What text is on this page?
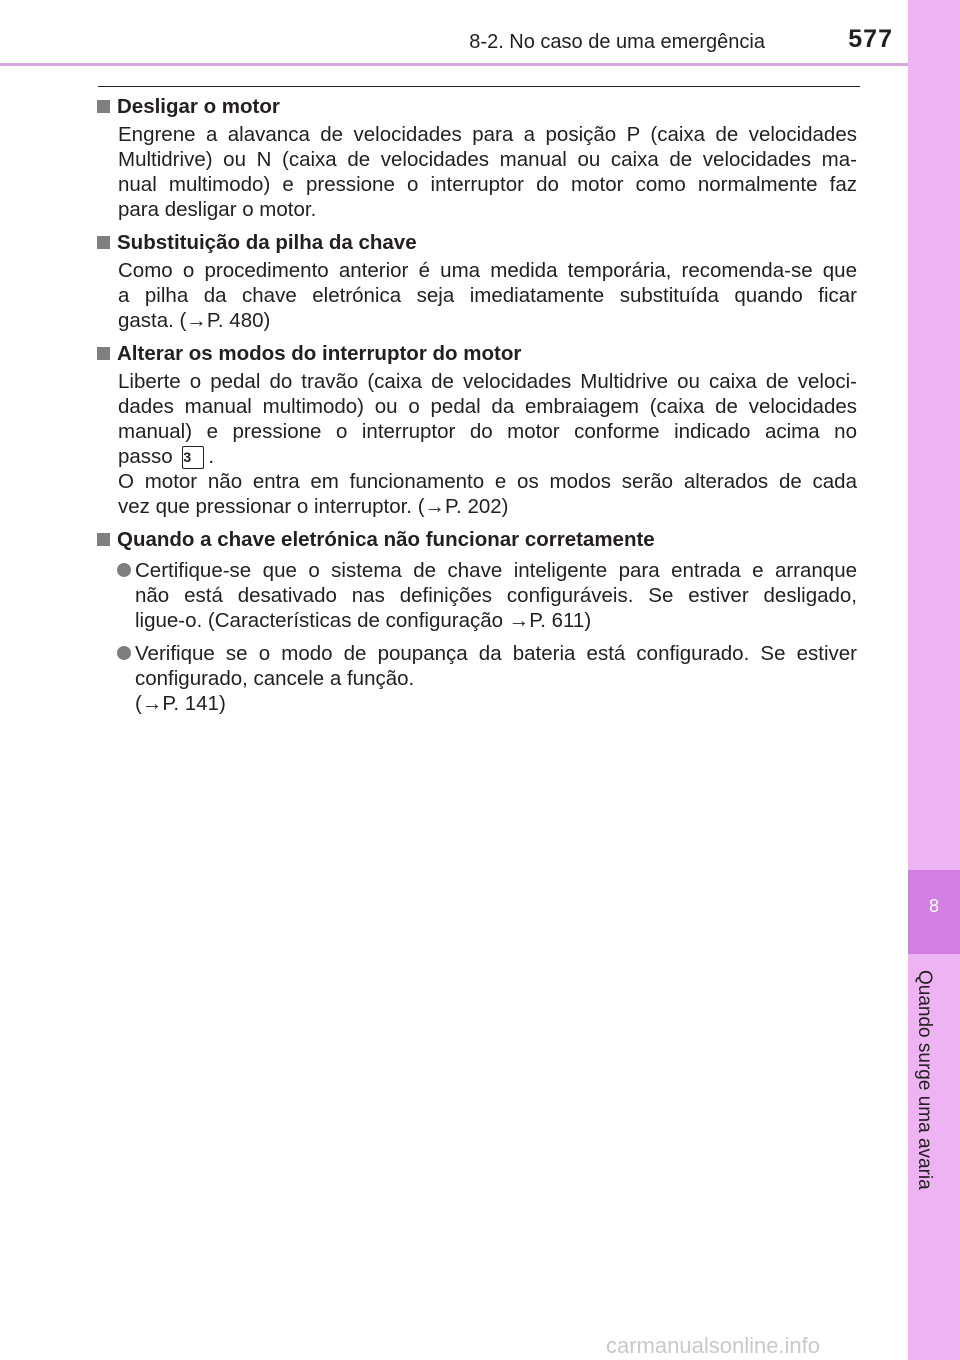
8-2. No caso de uma emergência	577
8
Quando surge uma avaria
Desligar o motor
Engrene a alavanca de velocidades para a posição P (caixa de velocidades
Multidrive) ou N (caixa de velocidades manual ou caixa de velocidades ma-
nual multimodo) e pressione o interruptor do motor como normalmente faz
para desligar o motor.
Substituição da pilha da chave
Como o procedimento anterior é uma medida temporária, recomenda-se que
a pilha da chave eletrónica seja imediatamente substituída quando ficar
gasta. (→P. 480)
Alterar os modos do interruptor do motor
Liberte o pedal do travão (caixa de velocidades Multidrive ou caixa de veloci-
dades manual multimodo) ou o pedal da embraiagem (caixa de velocidades
manual) e pressione o interruptor do motor conforme indicado acima no
passo 3 .
O motor não entra em funcionamento e os modos serão alterados de cada
vez que pressionar o interruptor. (→P. 202)
Quando a chave eletrónica não funcionar corretamente
Certifique-se que o sistema de chave inteligente para entrada e arranque
não está desativado nas definições configuráveis. Se estiver desligado,
ligue-o. (Características de configuração →P. 611)
Verifique se o modo de poupança da bateria está configurado. Se estiver
configurado, cancele a função.
(→P. 141)
carmanualsonline.info
